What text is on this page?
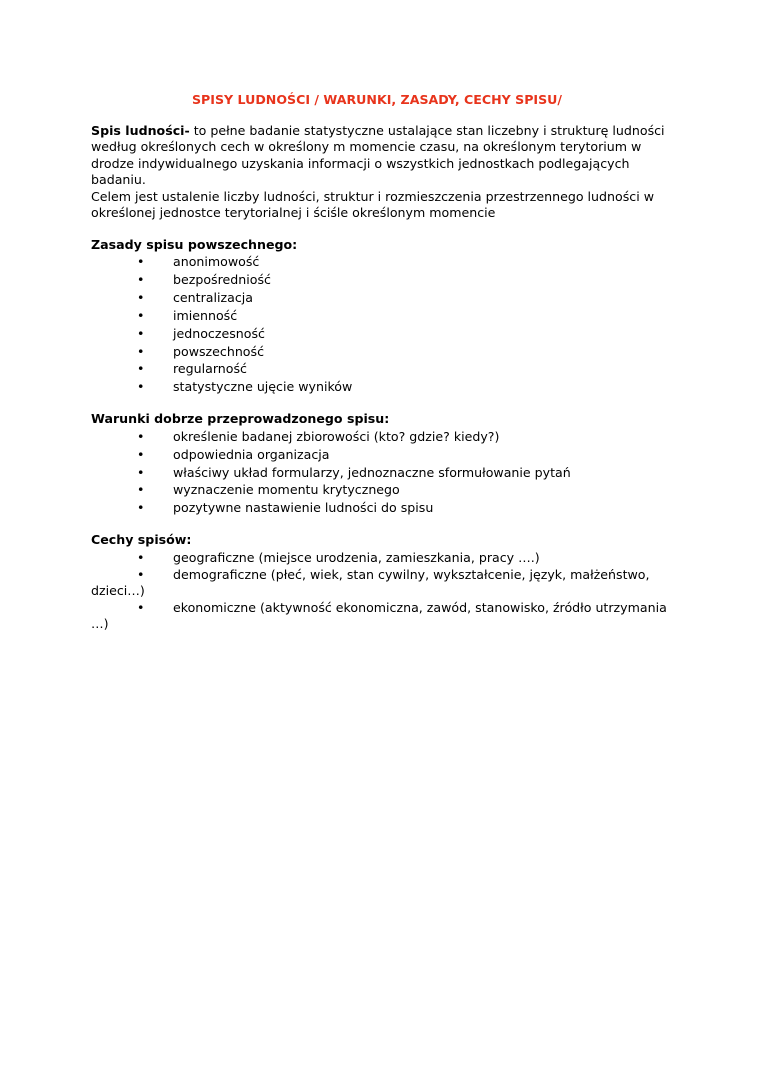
SPISY LUDNOŚCI / WARUNKI, ZASADY, CECHY SPISU/

Spis ludności- to pełne badanie statystyczne ustalające stan liczebny i strukturę ludności według określonych cech w określony m momencie czasu, na określonym terytorium w drodze indywidualnego uzyskania informacji o wszystkich jednostkach podlegających badaniu.

Celem jest ustalenie liczby ludności, struktur i rozmieszczenia przestrzennego ludności w określonej jednostce terytorialnej i ściśle określonym momencie

Zasady spisu powszechnego:
• anonimowość
• bezpośredniość
• centralizacja
• imienność
• jednoczesność
• powszechność
• regularność
• statystyczne ujęcie wyników
Warunki dobrze przeprowadzonego spisu:
• określenie badanej zbiorowości (kto? gdzie? kiedy?)
• odpowiednia organizacja
• właściwy układ formularzy, jednoznaczne sformułowanie pytań
• wyznaczenie momentu krytycznego
• pozytywne nastawienie ludności do spisu
Cechy spisów:
• geograficzne (miejsce urodzenia, zamieszkania, pracy ….)
• demograficzne (płeć, wiek, stan cywilny, wykształcenie, język, małżeństwo, dzieci…)
• ekonomiczne (aktywność ekonomiczna, zawód, stanowisko, źródło utrzymania …)
